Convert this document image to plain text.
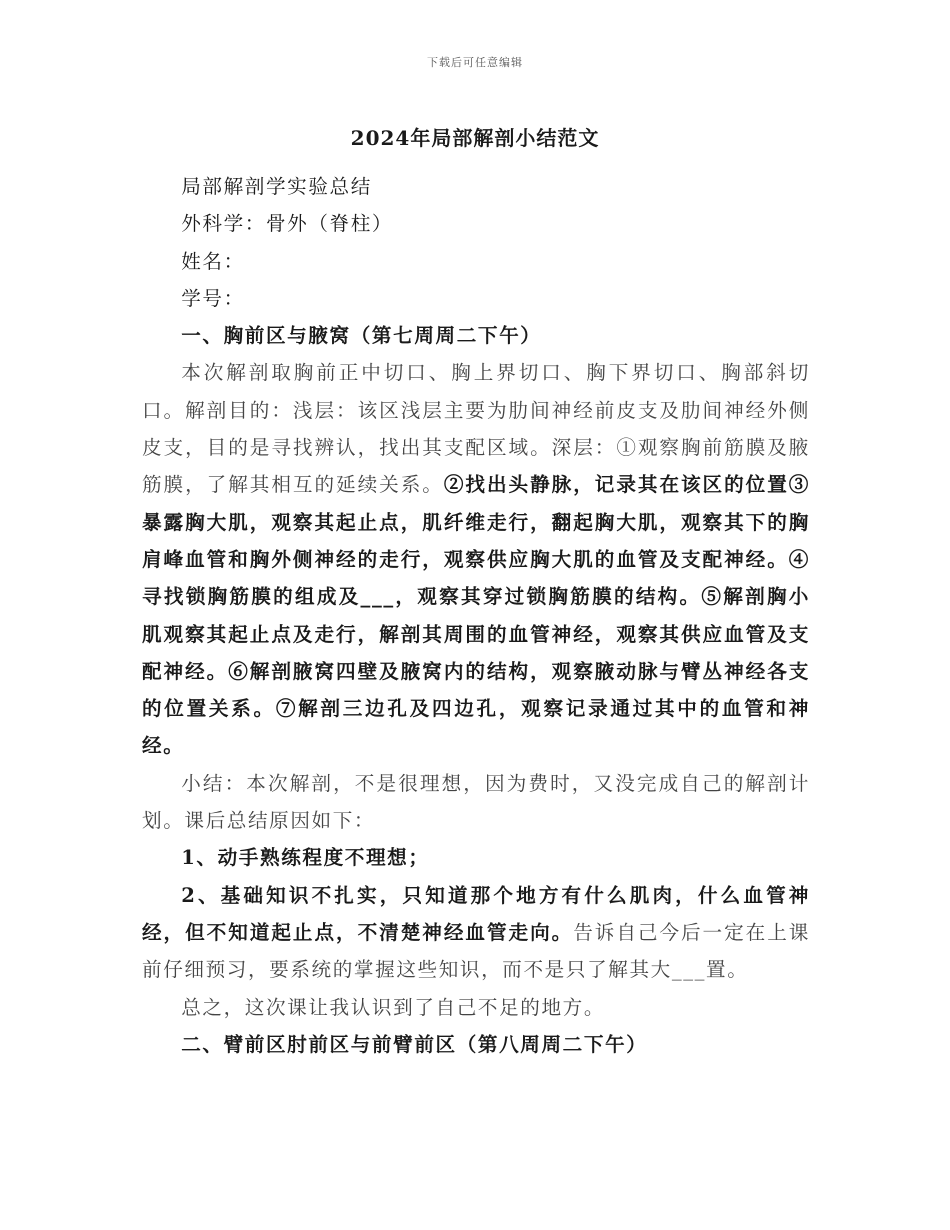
下载后可任意编辑
2024年局部解剖小结范文

局部解剖学实验总结

外科学：骨外（脊柱）

姓名：

学号：

一、胸前区与腋窝（第七周周二下午）

本次解剖取胸前正中切口、胸上界切口、胸下界切口、胸部斜切口。解剖目的：浅层：该区浅层主要为肋间神经前皮支及肋间神经外侧皮支，目的是寻找辨认，找出其支配区域。深层：①观察胸前筋膜及腋筋膜，了解其相互的延续关系。②找出头静脉，记录其在该区的位置③暴露胸大肌，观察其起止点，肌纤维走行，翻起胸大肌，观察其下的胸肩峰血管和胸外侧神经的走行，观察供应胸大肌的血管及支配神经。④寻找锁胸筋膜的组成及___，观察其穿过锁胸筋膜的结构。⑤解剖胸小肌观察其起止点及走行，解剖其周围的血管神经，观察其供应血管及支配神经。⑥解剖腋窝四壁及腋窝内的结构，观察腋动脉与臂丛神经各支的位置关系。⑦解剖三边孔及四边孔，观察记录通过其中的血管和神经。

小结：本次解剖，不是很理想，因为费时，又没完成自己的解剖计划。课后总结原因如下：

1、动手熟练程度不理想；

2、基础知识不扎实，只知道那个地方有什么肌肉，什么血管神经，但不知道起止点，不清楚神经血管走向。告诉自己今后一定在上课前仔细预习，要系统的掌握这些知识，而不是只了解其大___置。

总之，这次课让我认识到了自己不足的地方。

二、臂前区肘前区与前臂前区（第八周周二下午）
